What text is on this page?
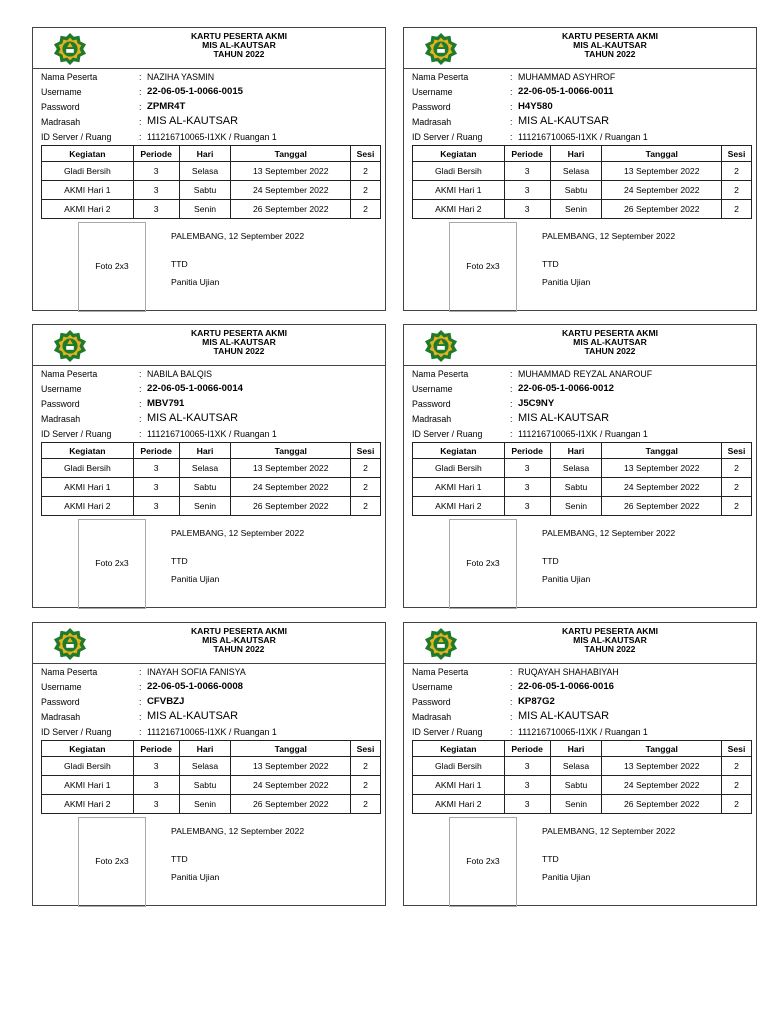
KARTU PESERTA AKMI
MIS AL-KAUTSAR
TAHUN 2022
Nama Peserta	: NAZIHA YASMIN
Username	: 22-06-05-1-0066-0015
Password	: ZPMR4T
Madrasah	: MIS AL-KAUTSAR
ID Server / Ruang	: 111216710065-I1XK / Ruangan 1
Kegiatan	Periode	Hari	Tanggal	Sesi
Gladi Bersih	3	Selasa	13 September 2022	2
AKMI Hari 1	3	Sabtu	24 September 2022	2
AKMI Hari 2	3	Senin	26 September 2022	2
Foto 2x3
PALEMBANG, 12 September 2022
TTD
Panitia Ujian
KARTU PESERTA AKMI
MIS AL-KAUTSAR
TAHUN 2022
Nama Peserta	: MUHAMMAD ASYHROF
Username	: 22-06-05-1-0066-0011
Password	: H4Y580
Madrasah	: MIS AL-KAUTSAR
ID Server / Ruang	: 111216710065-I1XK / Ruangan 1
Kegiatan	Periode	Hari	Tanggal	Sesi
Gladi Bersih	3	Selasa	13 September 2022	2
AKMI Hari 1	3	Sabtu	24 September 2022	2
AKMI Hari 2	3	Senin	26 September 2022	2
Foto 2x3
PALEMBANG, 12 September 2022
TTD
Panitia Ujian
KARTU PESERTA AKMI
MIS AL-KAUTSAR
TAHUN 2022
Nama Peserta	: NABILA BALQIS
Username	: 22-06-05-1-0066-0014
Password	: MBV791
Madrasah	: MIS AL-KAUTSAR
ID Server / Ruang	: 111216710065-I1XK / Ruangan 1
Kegiatan	Periode	Hari	Tanggal	Sesi
Gladi Bersih	3	Selasa	13 September 2022	2
AKMI Hari 1	3	Sabtu	24 September 2022	2
AKMI Hari 2	3	Senin	26 September 2022	2
Foto 2x3
PALEMBANG, 12 September 2022
TTD
Panitia Ujian
KARTU PESERTA AKMI
MIS AL-KAUTSAR
TAHUN 2022
Nama Peserta	: MUHAMMAD REYZAL ANAROUF
Username	: 22-06-05-1-0066-0012
Password	: J5C9NY
Madrasah	: MIS AL-KAUTSAR
ID Server / Ruang	: 111216710065-I1XK / Ruangan 1
Kegiatan	Periode	Hari	Tanggal	Sesi
Gladi Bersih	3	Selasa	13 September 2022	2
AKMI Hari 1	3	Sabtu	24 September 2022	2
AKMI Hari 2	3	Senin	26 September 2022	2
Foto 2x3
PALEMBANG, 12 September 2022
TTD
Panitia Ujian
KARTU PESERTA AKMI
MIS AL-KAUTSAR
TAHUN 2022
Nama Peserta	: INAYAH SOFIA FANISYA
Username	: 22-06-05-1-0066-0008
Password	: CFVBZJ
Madrasah	: MIS AL-KAUTSAR
ID Server / Ruang	: 111216710065-I1XK / Ruangan 1
Kegiatan	Periode	Hari	Tanggal	Sesi
Gladi Bersih	3	Selasa	13 September 2022	2
AKMI Hari 1	3	Sabtu	24 September 2022	2
AKMI Hari 2	3	Senin	26 September 2022	2
Foto 2x3
PALEMBANG, 12 September 2022
TTD
Panitia Ujian
KARTU PESERTA AKMI
MIS AL-KAUTSAR
TAHUN 2022
Nama Peserta	: RUQAYAH SHAHABIYAH
Username	: 22-06-05-1-0066-0016
Password	: KP87G2
Madrasah	: MIS AL-KAUTSAR
ID Server / Ruang	: 111216710065-I1XK / Ruangan 1
Kegiatan	Periode	Hari	Tanggal	Sesi
Gladi Bersih	3	Selasa	13 September 2022	2
AKMI Hari 1	3	Sabtu	24 September 2022	2
AKMI Hari 2	3	Senin	26 September 2022	2
Foto 2x3
PALEMBANG, 12 September 2022
TTD
Panitia Ujian
